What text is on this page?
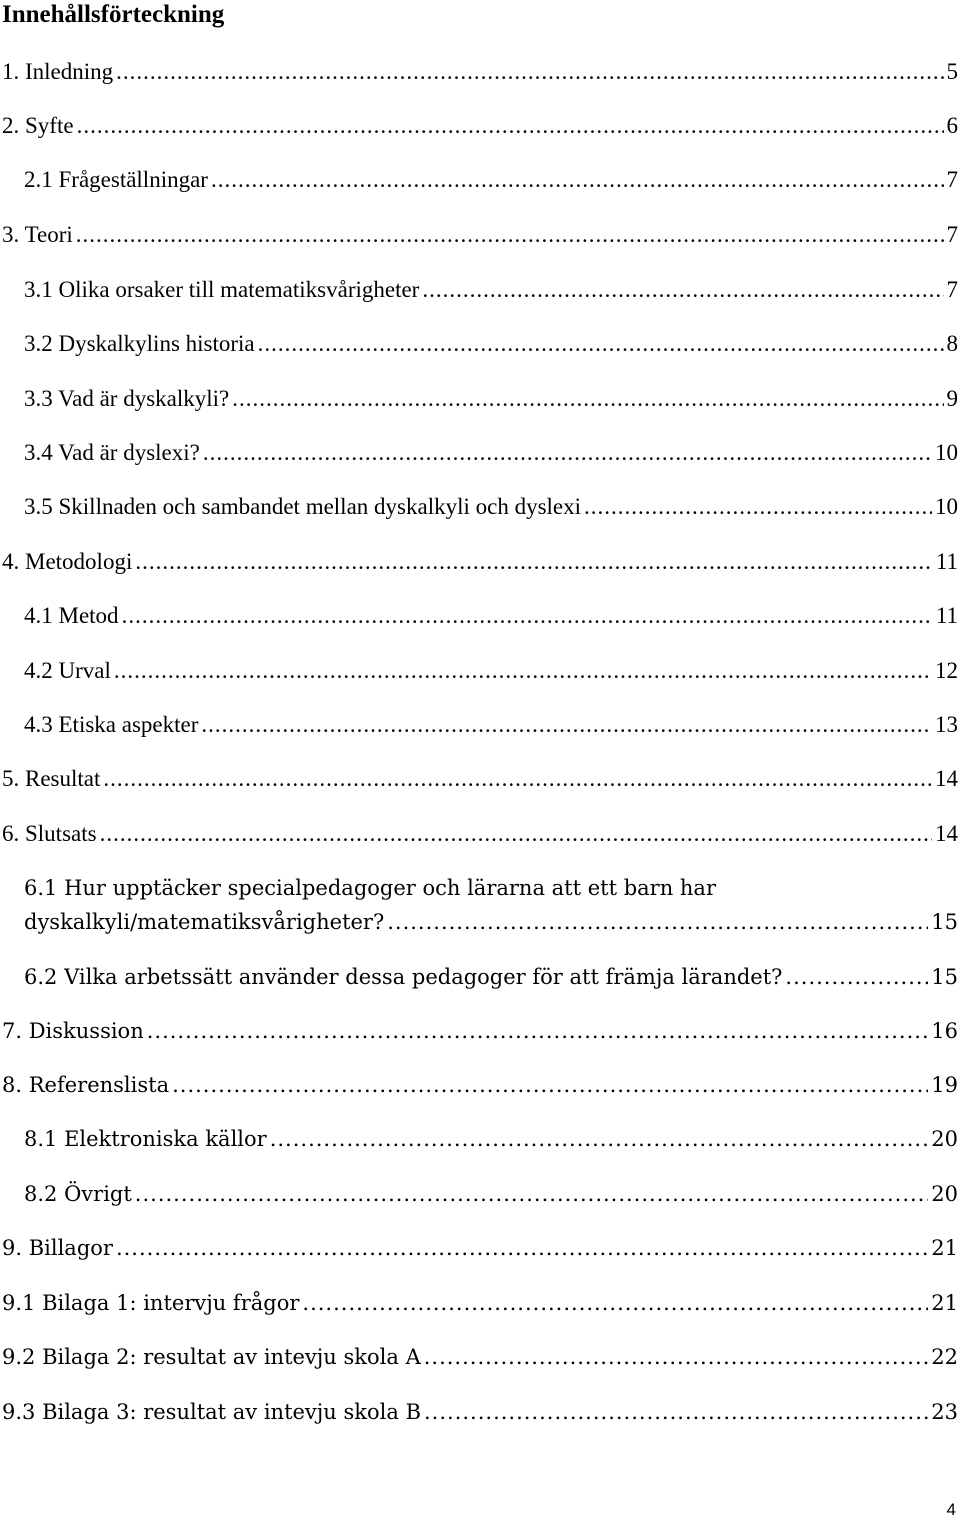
Innehållsförteckning
1. Inledning .....	5
2. Syfte .....	6
2.1 Frågeställningar .....	7
3. Teori .....	7
3.1 Olika orsaker till matematiksvårigheter .....	7
3.2 Dyskalkylins historia .....	8
3.3 Vad är dyskalkyli? .....	9
3.4 Vad är dyslexi? .....	10
3.5 Skillnaden och sambandet mellan dyskalkyli och dyslexi .....	10
4. Metodologi .....	11
4.1 Metod .....	11
4.2 Urval .....	12
4.3 Etiska aspekter .....	13
5. Resultat .....	14
6. Slutsats .....	14
6.1 Hur upptäcker specialpedagoger och lärarna att ett barn har
dyskalkyli/matematiksvårigheter? .....	15
6.2 Vilka arbetssätt använder dessa pedagoger för att främja lärandet? .....	15
7. Diskussion .....	16
8. Referenslista .....	19
8.1 Elektroniska källor .....	20
8.2 Övrigt .....	20
9. Billagor .....	21
9.1 Bilaga 1: intervju frågor .....	21
9.2 Bilaga 2: resultat av intevju skola A .....	22
9.3 Bilaga 3: resultat av intevju skola B .....	23
4
